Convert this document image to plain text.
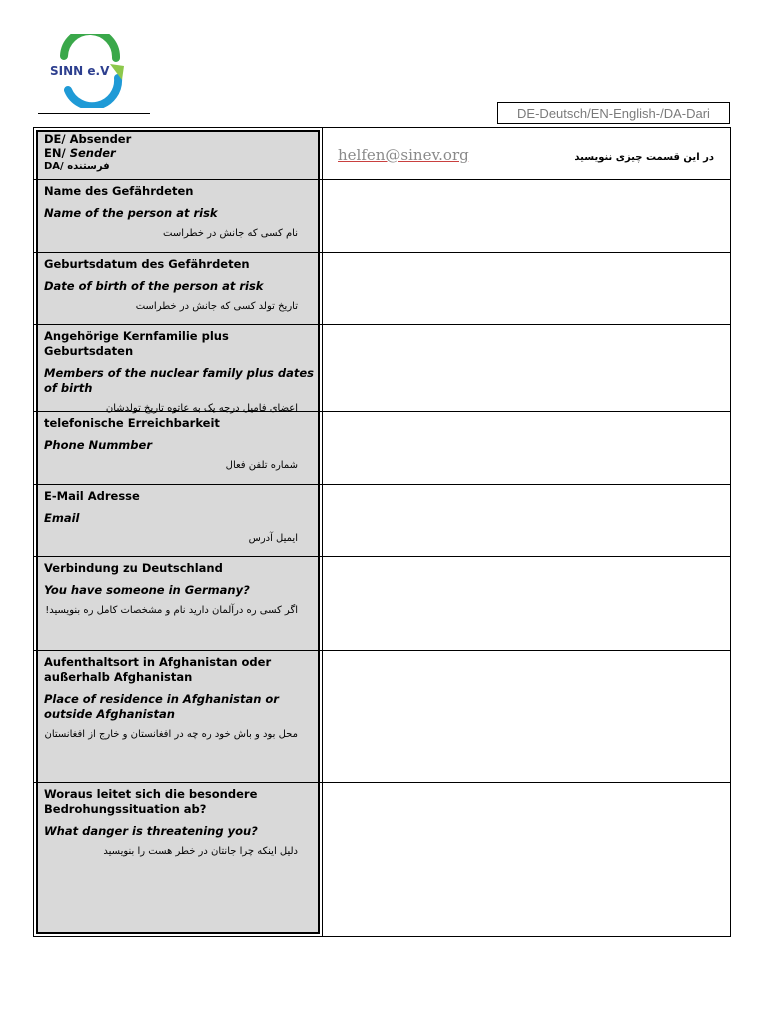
SINN e.V
DE-Deutsch/EN-English-/DA-Dari
DE/ Absender
EN/ Sender
DA/ فرستنده
helfen@sinev.org	در این قسمت چیزی ننویسید
Name des Gefährdeten
Name of the person at risk
نام کسی که جانش در خطراست
Geburtsdatum des Gefährdeten
Date of birth of the person at risk
تاریخ تولد کسی که جانش در خطراست
Angehörige Kernfamilie plus Geburtsdaten
Members of the nuclear family plus dates of birth
اعضای فامیل درجه یک به عاتوه تاریخ تولدشان
telefonische Erreichbarkeit
Phone Nummber
شماره تلفن فعال
E-Mail Adresse
Email
ایمیل آدرس
Verbindung zu Deutschland
You have someone in Germany?
اگر کسی ره درآلمان دارید نام و مشخصات کامل ره بنویسید!
Aufenthaltsort in Afghanistan oder außerhalb Afghanistan
Place of residence in Afghanistan or outside Afghanistan
محل بود و باش خود ره چه در افغانستان و خارج از افغانستان
Woraus leitet sich die besondere Bedrohungssituation ab?
What danger is threatening you?
دلیل اینکه چرا جانتان در خطر هست را بنویسید
